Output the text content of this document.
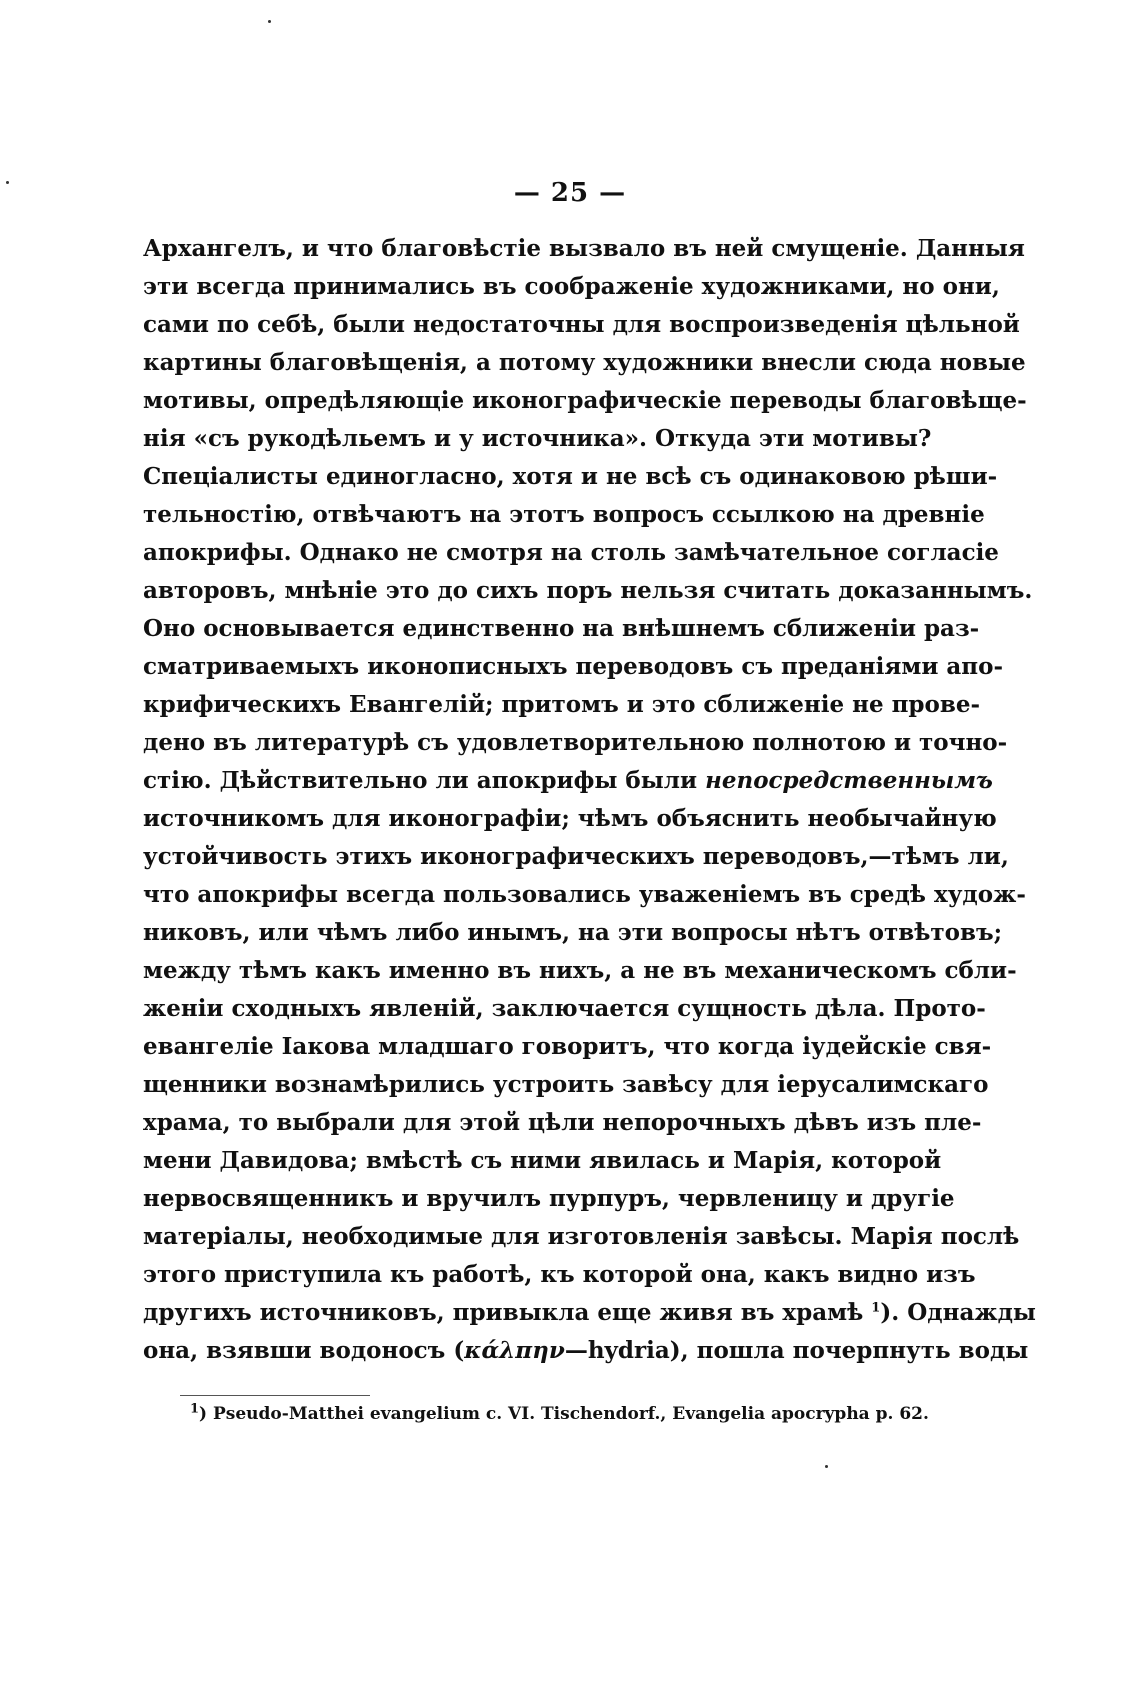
— 25 —
Архангелъ, и что благовѣстіе вызвало въ ней смущеніе. Данныя
эти всегда принимались въ соображеніе художниками, но они,
сами по себѣ, были недостаточны для воспроизведенія цѣльной
картины благовѣщенія, а потому художники внесли сюда новые
мотивы, опредѣляющіе иконографическіе переводы благовѣще-
нія «съ рукодѣльемъ и у источника». Откуда эти мотивы?
Спеціалисты единогласно, хотя и не всѣ съ одинаковою рѣши-
тельностію, отвѣчаютъ на этотъ вопросъ ссылкою на древніе
апокрифы. Однако не смотря на столь замѣчательное согласіе
авторовъ, мнѣніе это до сихъ поръ нельзя считать доказаннымъ.
Оно основывается единственно на внѣшнемъ сближеніи раз-
сматриваемыхъ иконописныхъ переводовъ съ преданіями апо-
крифическихъ Евангелій; притомъ и это сближеніе не прове-
дено въ литературѣ съ удовлетворительною полнотою и точно-
стію. Дѣйствительно ли апокрифы были непосредственнымъ
источникомъ для иконографіи; чѣмъ объяснить необычайную
устойчивость этихъ иконографическихъ переводовъ,—тѣмъ ли,
что апокрифы всегда пользовались уваженіемъ въ средѣ худож-
никовъ, или чѣмъ либо инымъ, на эти вопросы нѣтъ отвѣтовъ;
между тѣмъ какъ именно въ нихъ, а не въ механическомъ сбли-
женіи сходныхъ явленій, заключается сущность дѣла. Прото-
евангеліе Іакова младшаго говоритъ, что когда іудейскіе свя-
щенники вознамѣрились устроить завѣсу для іерусалимскаго
храма, то выбрали для этой цѣли непорочныхъ дѣвъ изъ пле-
мени Давидова; вмѣстѣ съ ними явилась и Марія, которой
нервосвященникъ и вручилъ пурпуръ, червленицу и другіе
матеріалы, необходимые для изготовленія завѣсы. Марія послѣ
этого приступила къ работѣ, къ которой она, какъ видно изъ
другихъ источниковъ, привыкла еще живя въ храмѣ $^1$). Однажды
она, взявши водоносъ (κάλπην—hydria), пошла почерпнуть воды
$^1$) Pseudo-Matthei evangelium c. VI. Tischendorf., Evangelia apocrypha p. 62.
